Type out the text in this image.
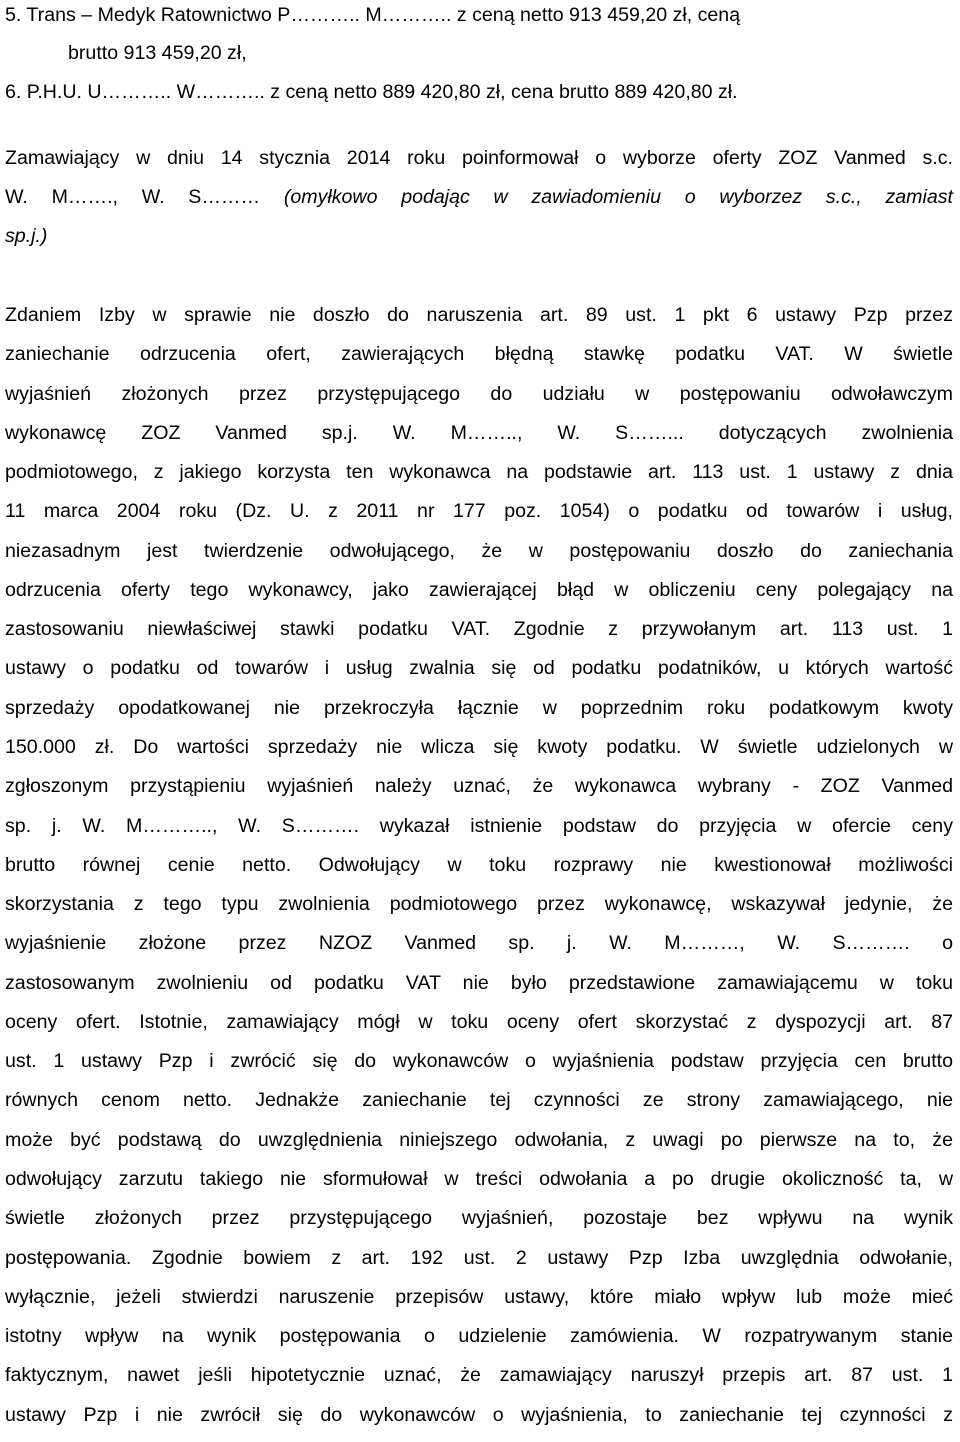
5. Trans – Medyk Ratownictwo P……….. M……….. z ceną netto 913 459,20 zł, ceną
brutto 913 459,20 zł,
6. P.H.U. U……….. W……….. z ceną netto 889 420,80 zł, cena brutto 889 420,80 zł.
Zamawiający w dniu 14 stycznia 2014 roku poinformował o wyborze oferty ZOZ Vanmed s.c.
W. M……., W. S……… (omyłkowo podając w zawiadomieniu o wyborzez s.c., zamiast
sp.j.)
Zdaniem Izby w sprawie nie doszło do naruszenia art. 89 ust. 1 pkt 6 ustawy Pzp przez
zaniechanie odrzucenia ofert, zawierających błędną stawkę podatku VAT. W świetle
wyjaśnień złożonych przez przystępującego do udziału w postępowaniu odwoławczym
wykonawcę ZOZ Vanmed sp.j. W. M…….., W. S……... dotyczących zwolnienia
podmiotowego, z jakiego korzysta ten wykonawca na podstawie art. 113 ust. 1 ustawy z dnia
11 marca 2004 roku (Dz. U. z 2011 nr 177 poz. 1054) o podatku od towarów i usług,
niezasadnym jest twierdzenie odwołującego, że w postępowaniu doszło do zaniechania
odrzucenia oferty tego wykonawcy, jako zawierającej błąd w obliczeniu ceny polegający na
zastosowaniu niewłaściwej stawki podatku VAT. Zgodnie z przywołanym art. 113 ust. 1
ustawy o podatku od towarów i usług zwalnia się od podatku podatników, u których wartość
sprzedaży opodatkowanej nie przekroczyła łącznie w poprzednim roku podatkowym kwoty
150.000 zł. Do wartości sprzedaży nie wlicza się kwoty podatku. W świetle udzielonych w
zgłoszonym przystąpieniu wyjaśnień należy uznać, że wykonawca wybrany - ZOZ Vanmed
sp. j. W. M……….., W. S………. wykazał istnienie podstaw do przyjęcia w ofercie ceny
brutto równej cenie netto. Odwołujący w toku rozprawy nie kwestionował możliwości
skorzystania z tego typu zwolnienia podmiotowego przez wykonawcę, wskazywał jedynie, że
wyjaśnienie złożone przez NZOZ Vanmed sp. j. W. M………, W. S………. o
zastosowanym zwolnieniu od podatku VAT nie było przedstawione zamawiającemu w toku
oceny ofert. Istotnie, zamawiający mógł w toku oceny ofert skorzystać z dyspozycji art. 87
ust. 1 ustawy Pzp i zwrócić się do wykonawców o wyjaśnienia podstaw przyjęcia cen brutto
równych cenom netto. Jednakże zaniechanie tej czynności ze strony zamawiającego, nie
może być podstawą do uwzględnienia niniejszego odwołania, z uwagi po pierwsze na to, że
odwołujący zarzutu takiego nie sformułował w treści odwołania a po drugie okoliczność ta, w
świetle złożonych przez przystępującego wyjaśnień, pozostaje bez wpływu na wynik
postępowania. Zgodnie bowiem z art. 192 ust. 2 ustawy Pzp Izba uwzględnia odwołanie,
wyłącznie, jeżeli stwierdzi naruszenie przepisów ustawy, które miało wpływ lub może mieć
istotny wpływ na wynik postępowania o udzielenie zamówienia. W rozpatrywanym stanie
faktycznym, nawet jeśli hipotetycznie uznać, że zamawiający naruszył przepis art. 87 ust. 1
ustawy Pzp i nie zwrócił się do wykonawców o wyjaśnienia, to zaniechanie tej czynności z
